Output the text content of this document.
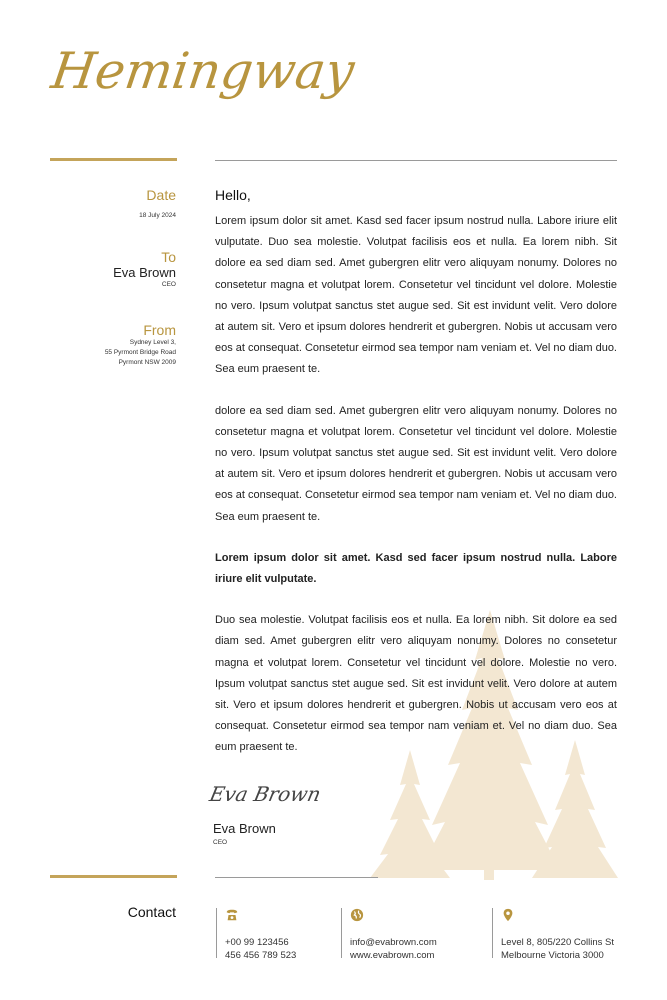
Hemingway
Date
18 July 2024
To
Eva Brown
CEO
From
Sydney Level 3,
55 Pyrmont Bridge Road
Pyrmont NSW 2009
Hello,

Lorem ipsum dolor sit amet. Kasd sed facer ipsum nostrud nulla. Labore iriure elit vulputate. Duo sea molestie. Volutpat facilisis eos et nulla. Ea lorem nibh. Sit dolore ea sed diam sed. Amet gubergren elitr vero aliquyam nonumy. Dolores no consetetur magna et volutpat lorem. Consetetur vel tincidunt vel dolore. Molestie no vero. Ipsum volutpat sanctus stet augue sed. Sit est invidunt velit. Vero dolore at autem sit. Vero et ipsum dolores hendrerit et gubergren. Nobis ut accusam vero eos at consequat. Consetetur eirmod sea tempor nam veniam et. Vel no diam duo. Sea eum praesent te.

dolore ea sed diam sed. Amet gubergren elitr vero aliquyam nonumy. Dolores no consetetur magna et volutpat lorem. Consetetur vel tincidunt vel dolore. Molestie no vero. Ipsum volutpat sanctus stet augue sed. Sit est invidunt velit. Vero dolore at autem sit. Vero et ipsum dolores hendrerit et gubergren. Nobis ut accusam vero eos at consequat. Consetetur eirmod sea tempor nam veniam et. Vel no diam duo. Sea eum praesent te.

Lorem ipsum dolor sit amet. Kasd sed facer ipsum nostrud nulla. Labore iriure elit vulputate.

Duo sea molestie. Volutpat facilisis eos et nulla. Ea lorem nibh. Sit dolore ea sed diam sed. Amet gubergren elitr vero aliquyam nonumy. Dolores no consetetur magna et volutpat lorem. Consetetur vel tincidunt vel dolore. Molestie no vero. Ipsum volutpat sanctus stet augue sed. Sit est invidunt velit. Vero dolore at autem sit. Vero et ipsum dolores hendrerit et gubergren. Nobis ut accusam vero eos at consequat. Consetetur eirmod sea tempor nam veniam et. Vel no diam duo. Sea eum praesent te.

Eva Brown
Eva Brown
CEO
Contact
+00 99 123456
456 456 789 523
info@evabrown.com
www.evabrown.com
Level 8, 805/220 Collins St
Melbourne Victoria 3000
